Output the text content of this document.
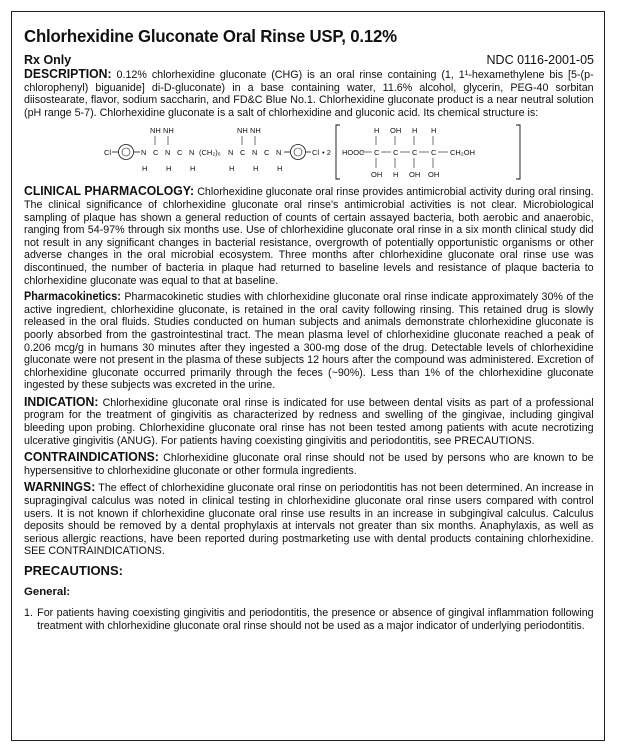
Chlorhexidine Gluconate Oral Rinse USP, 0.12%
Rx Only	NDC 0116-2001-05

DESCRIPTION: 0.12% chlorhexidine gluconate (CHG) is an oral rinse containing (1, 1¹-hexamethylene bis [5-(p-chlorophenyl) biguanide] di-D-gluconate) in a base containing water, 11.6% alcohol, glycerin, PEG-40 sorbitan diisostearate, flavor, sodium saccharin, and FD&C Blue No.1. Chlorhexidine gluconate product is a near neutral solution (pH range 5-7). Chlorhexidine gluconate is a salt of chlorhexidine and gluconic acid. Its chemical structure is:

Cl	N C N C N
NH NH
H H H
(CH₂)₆ N C N C N
NH NH
H H H
Cl • 2 HOOC C C C C CH₂OH
H OH H H
OH H OH OH

CLINICAL PHARMACOLOGY: Chlorhexidine gluconate oral rinse provides antimicrobial activity during oral rinsing. The clinical significance of chlorhexidine gluconate oral rinse's antimicrobial activities is not clear. Microbiological sampling of plaque has shown a general reduction of counts of certain assayed bacteria, both aerobic and anaerobic, ranging from 54-97% through six months use. Use of chlorhexidine gluconate oral rinse in a six month clinical study did not result in any significant changes in bacterial resistance, overgrowth of potentially opportunistic organisms or other adverse changes in the oral microbial ecosystem. Three months after chlorhexidine gluconate oral rinse use was discontinued, the number of bacteria in plaque had returned to baseline levels and resistance of plaque bacteria to chlorhexidine gluconate was equal to that at baseline.

Pharmacokinetics: Pharmacokinetic studies with chlorhexidine gluconate oral rinse indicate approximately 30% of the active ingredient, chlorhexidine gluconate, is retained in the oral cavity following rinsing. This retained drug is slowly released in the oral fluids. Studies conducted on human subjects and animals demonstrate chlorhexidine gluconate is poorly absorbed from the gastrointestinal tract. The mean plasma level of chlorhexidine gluconate reached a peak of 0.206 mcg/g in humans 30 minutes after they ingested a 300-mg dose of the drug. Detectable levels of chlorhexidine gluconate were not present in the plasma of these subjects 12 hours after the compound was administered. Excretion of chlorhexidine gluconate occurred primarily through the feces (~90%). Less than 1% of the chlorhexidine gluconate ingested by these subjects was excreted in the urine.

INDICATION: Chlorhexidine gluconate oral rinse is indicated for use between dental visits as part of a professional program for the treatment of gingivitis as characterized by redness and swelling of the gingivae, including gingival bleeding upon probing. Chlorhexidine gluconate oral rinse has not been tested among patients with acute necrotizing ulcerative gingivitis (ANUG). For patients having coexisting gingivitis and periodontitis, see PRECAUTIONS.

CONTRAINDICATIONS: Chlorhexidine gluconate oral rinse should not be used by persons who are known to be hypersensitive to chlorhexidine gluconate or other formula ingredients.

WARNINGS: The effect of chlorhexidine gluconate oral rinse on periodontitis has not been determined. An increase in supragingival calculus was noted in clinical testing in chlorhexidine gluconate oral rinse users compared with control users. It is not known if chlorhexidine gluconate oral rinse use results in an increase in subgingival calculus. Calculus deposits should be removed by a dental prophylaxis at intervals not greater than six months. Anaphylaxis, as well as serious allergic reactions, have been reported during postmarketing use with dental products containing chlorhexidine. SEE CONTRAINDICATIONS.

PRECAUTIONS:
General:
1. For patients having coexisting gingivitis and periodontitis, the presence or absence of gingival inflammation following treatment with chlorhexidine gluconate oral rinse should not be used as a major indicator of underlying periodontitis.
